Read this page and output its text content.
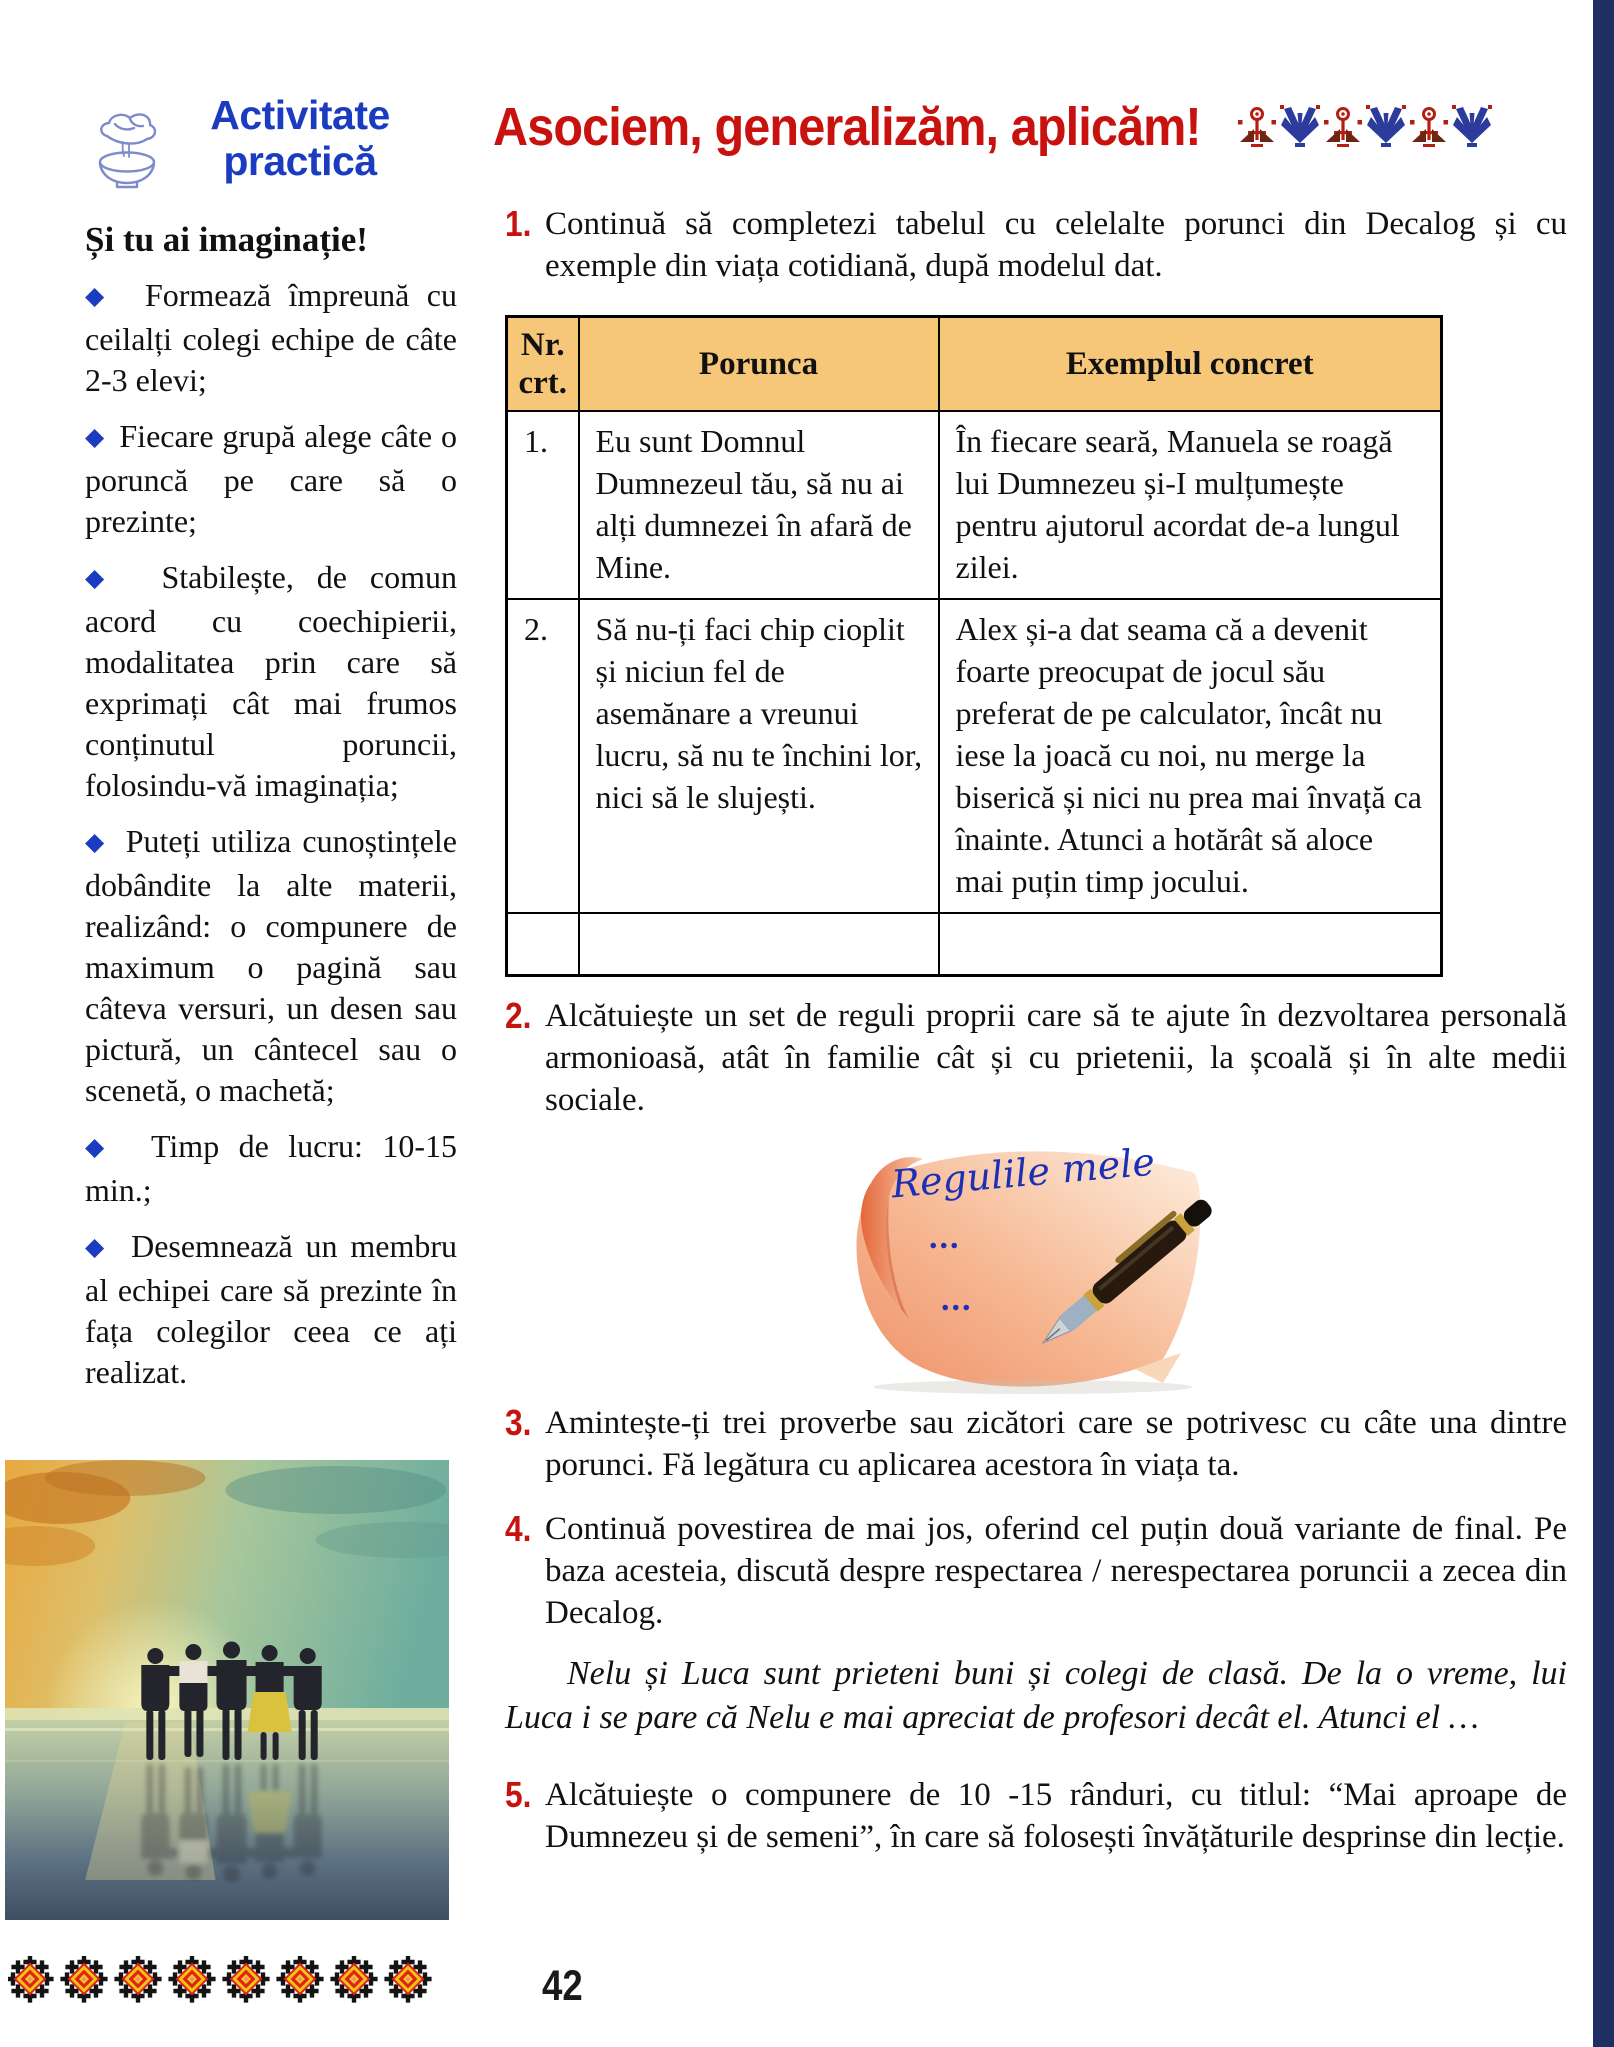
Activitate
practică
Și tu ai imaginație!

◆  Formează împreună cu ceilalți colegi echipe de câte 2-3 elevi;

◆  Fiecare grupă alege câte o poruncă pe care să o prezinte;

◆  Stabilește, de comun acord cu coechipierii, modalitatea prin care să exprimați cât mai frumos conținutul poruncii, folosindu-vă imaginația;

◆  Puteți utiliza cunoștințele dobândite la alte materii, realizând: o compunere de maximum o pagină sau câteva versuri, un desen sau pictură, un cântecel sau o scenetă, o machetă;

◆  Timp de lucru: 10-15 min.;

◆  Desemnează un membru al echipei care să prezinte în fața colegilor ceea ce ați realizat.

Asociem, generalizăm, aplicăm!
1. Continuă să completezi tabelul cu celelalte porunci din Decalog și cu exemple din viața cotidiană, după modelul dat.
Nr. crt.	Porunca	Exemplul concret
1.	Eu sunt Domnul Dumnezeul tău, să nu ai alți dumnezei în afară de Mine.	În fiecare seară, Manuela se roagă lui Dumnezeu și-I mulțumește pentru ajutorul acordat de-a lungul zilei.
2.	Să nu-ți faci chip cioplit și niciun fel de asemănare a vreunui lucru, să nu te închini lor, nici să le slujești.	Alex și-a dat seama că a devenit foarte preocupat de jocul său preferat de pe calculator, încât nu iese la joacă cu noi, nu merge la biserică și nici nu prea mai învață ca înainte. Atunci a hotărât să aloce mai puțin timp jocului.

2. Alcătuiește un set de reguli proprii care să te ajute în dezvoltarea personală armonioasă, atât în familie cât și cu prietenii, la școală și în alte medii sociale.
Regulile mele
...
...
3. Amintește-ți trei proverbe sau zicători care se potrivesc cu câte una dintre porunci. Fă legătura cu aplicarea acestora în viața ta.
4. Continuă povestirea de mai jos, oferind cel puțin două variante de final. Pe baza acesteia, discută despre respectarea / nerespectarea poruncii a zecea din Decalog.

Nelu și Luca sunt prieteni buni și colegi de clasă. De la o vreme, lui Luca i se pare că Nelu e mai apreciat de profesori decât el. Atunci el …

5. Alcătuiește o compunere de 10 -15 rânduri, cu titlul: “Mai aproape de Dumnezeu și de semeni”, în care să folosești învățăturile desprinse din lecție.
42
